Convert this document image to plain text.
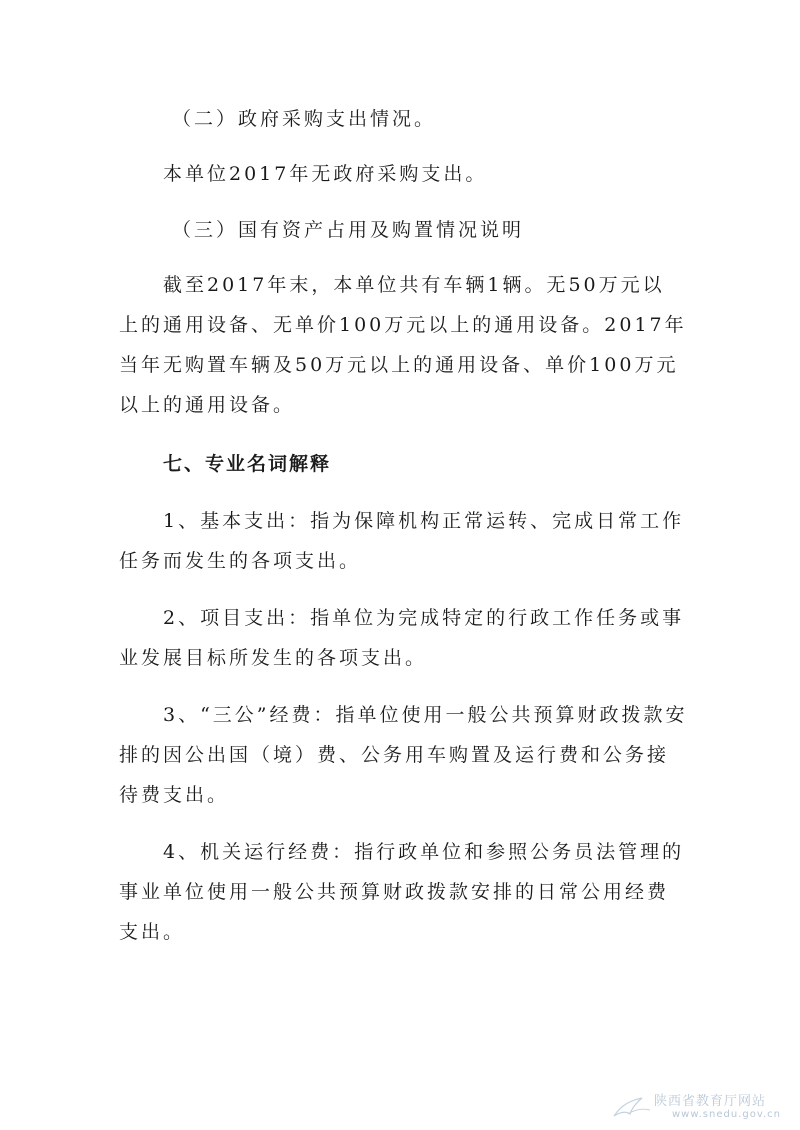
（二）政府采购支出情况。
本单位2017年无政府采购支出。
（三）国有资产占用及购置情况说明
截至2017年末，本单位共有车辆1辆。无50万元以
上的通用设备、无单价100万元以上的通用设备。2017年
当年无购置车辆及50万元以上的通用设备、单价100万元
以上的通用设备。
七、专业名词解释
1、基本支出：指为保障机构正常运转、完成日常工作
任务而发生的各项支出。
2、项目支出：指单位为完成特定的行政工作任务或事
业发展目标所发生的各项支出。
3、“三公”经费：指单位使用一般公共预算财政拨款安
排的因公出国（境）费、公务用车购置及运行费和公务接
待费支出。
4、机关运行经费：指行政单位和参照公务员法管理的
事业单位使用一般公共预算财政拨款安排的日常公用经费
支出。
陕西省教育厅网站
www.snedu.gov.cn
